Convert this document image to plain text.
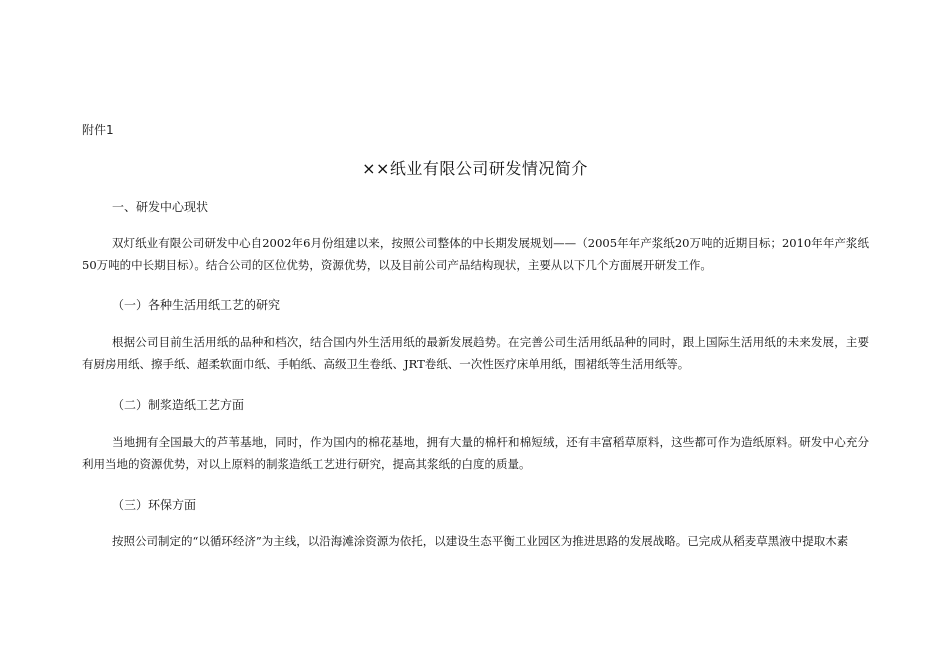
附件1
××纸业有限公司研发情况简介
一、研发中心现状
双灯纸业有限公司研发中心自2002年6月份组建以来，按照公司整体的中长期发展规划——（2005年年产浆纸20万吨的近期目标；2010年年产浆纸50万吨的中长期目标）。结合公司的区位优势，资源优势，以及目前公司产品结构现状，主要从以下几个方面展开研发工作。
（一）各种生活用纸工艺的研究
根据公司目前生活用纸的品种和档次，结合国内外生活用纸的最新发展趋势。在完善公司生活用纸品种的同时，跟上国际生活用纸的未来发展，主要有厨房用纸、擦手纸、超柔软面巾纸、手帕纸、高级卫生卷纸、JRT卷纸、一次性医疗床单用纸，围裙纸等生活用纸等。
（二）制浆造纸工艺方面
当地拥有全国最大的芦苇基地，同时，作为国内的棉花基地，拥有大量的棉杆和棉短绒，还有丰富稻草原料，这些都可作为造纸原料。研发中心充分利用当地的资源优势，对以上原料的制浆造纸工艺进行研究，提高其浆纸的白度的质量。
（三）环保方面
按照公司制定的“以循环经济”为主线，以沿海滩涂资源为依托，以建设生态平衡工业园区为推进思路的发展战略。已完成从稻麦草黑液中提取木素
